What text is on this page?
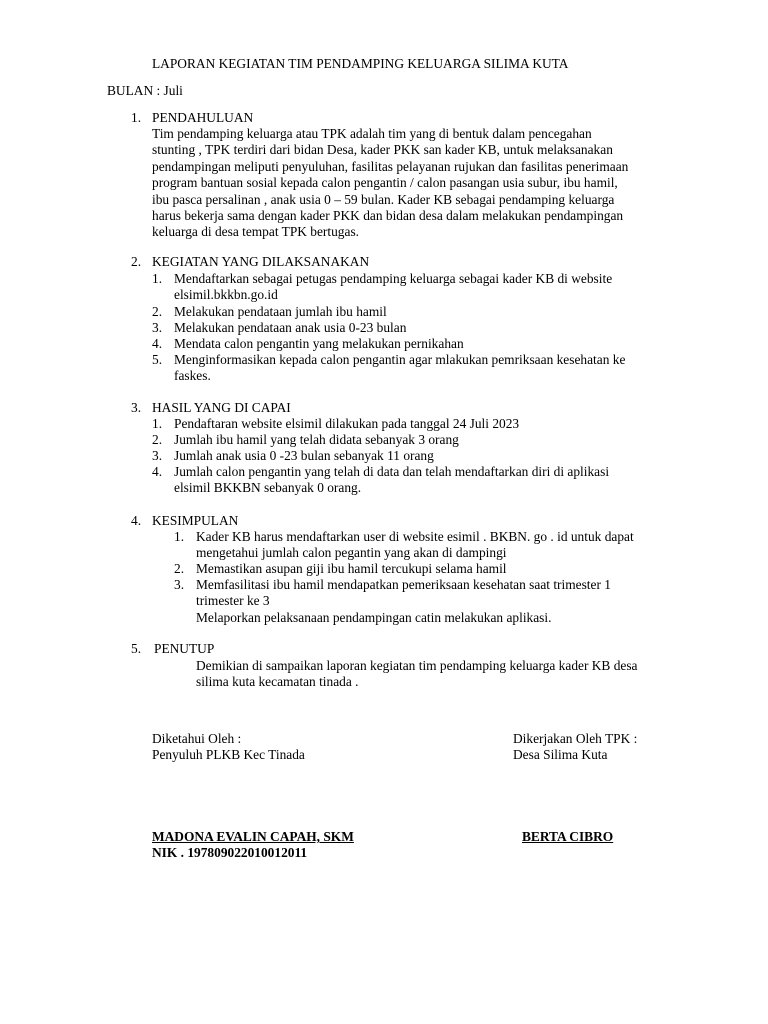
LAPORAN KEGIATAN TIM PENDAMPING KELUARGA SILIMA KUTA
BULAN : Juli
1. PENDAHULUAN
Tim pendamping keluarga atau TPK adalah tim yang di bentuk dalam pencegahan
stunting , TPK terdiri dari bidan Desa, kader PKK san kader KB, untuk melaksanakan
pendampingan meliputi penyuluhan, fasilitas pelayanan rujukan dan fasilitas penerimaan
program bantuan sosial kepada calon pengantin / calon pasangan usia subur, ibu hamil,
ibu pasca persalinan , anak usia 0 – 59 bulan. Kader KB sebagai pendamping keluarga
harus bekerja sama dengan kader PKK dan bidan desa dalam melakukan pendampingan
keluarga di desa tempat TPK bertugas.
2. KEGIATAN YANG DILAKSANAKAN
1. Mendaftarkan sebagai petugas pendamping keluarga sebagai kader KB di website
elsimil.bkkbn.go.id
2. Melakukan pendataan jumlah ibu hamil
3. Melakukan pendataan anak usia 0-23 bulan
4. Mendata calon pengantin yang melakukan pernikahan
5. Menginformasikan kepada calon pengantin agar mlakukan pemriksaan kesehatan ke
faskes.
3. HASIL YANG DI CAPAI
1. Pendaftaran website elsimil dilakukan pada tanggal 24 Juli 2023
2. Jumlah ibu hamil yang telah didata sebanyak 3 orang
3. Jumlah anak usia 0 -23 bulan sebanyak 11 orang
4. Jumlah calon pengantin yang telah di data dan telah mendaftarkan diri di aplikasi
elsimil BKKBN sebanyak 0 orang.
4. KESIMPULAN
1. Kader KB harus mendaftarkan user di website esimil . BKBN. go . id untuk dapat
mengetahui jumlah calon pegantin yang akan di dampingi
2. Memastikan asupan giji ibu hamil tercukupi selama hamil
3. Memfasilitasi ibu hamil mendapatkan pemeriksaan kesehatan saat trimester 1
trimester ke 3
Melaporkan pelaksanaan pendampingan catin melakukan aplikasi.
5. PENUTUP
Demikian di sampaikan laporan kegiatan tim pendamping keluarga kader KB desa
silima kuta kecamatan tinada .
Diketahui Oleh :
Penyuluh PLKB Kec Tinada
Dikerjakan Oleh TPK :
Desa Silima Kuta
MADONA EVALIN CAPAH, SKM
NIK . 197809022010012011
BERTA CIBRO
